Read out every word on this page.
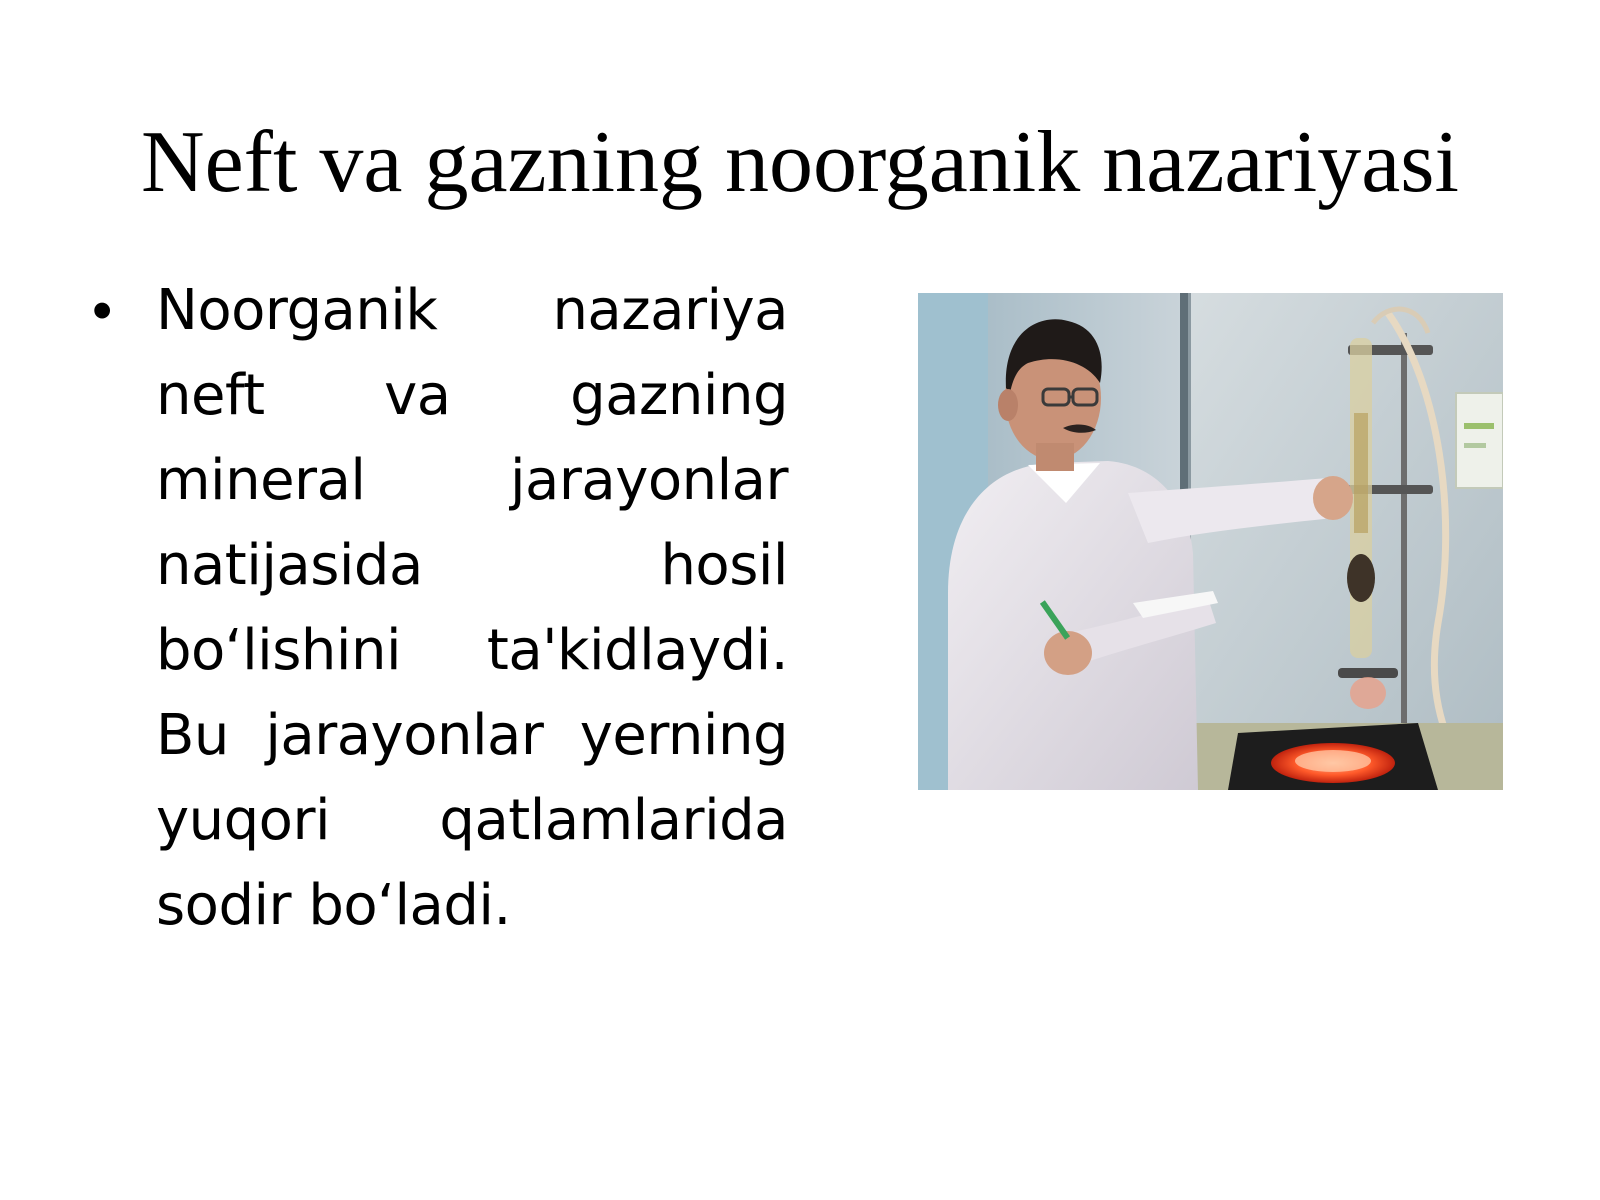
Neft va gazning noorganik nazariyasi
• Noorganik nazariya neft va gazning mineral jarayonlar natijasida hosil bo‘lishini ta'kidlaydi. Bu jarayonlar yerning yuqori qatlamlarida sodir bo‘ladi.
